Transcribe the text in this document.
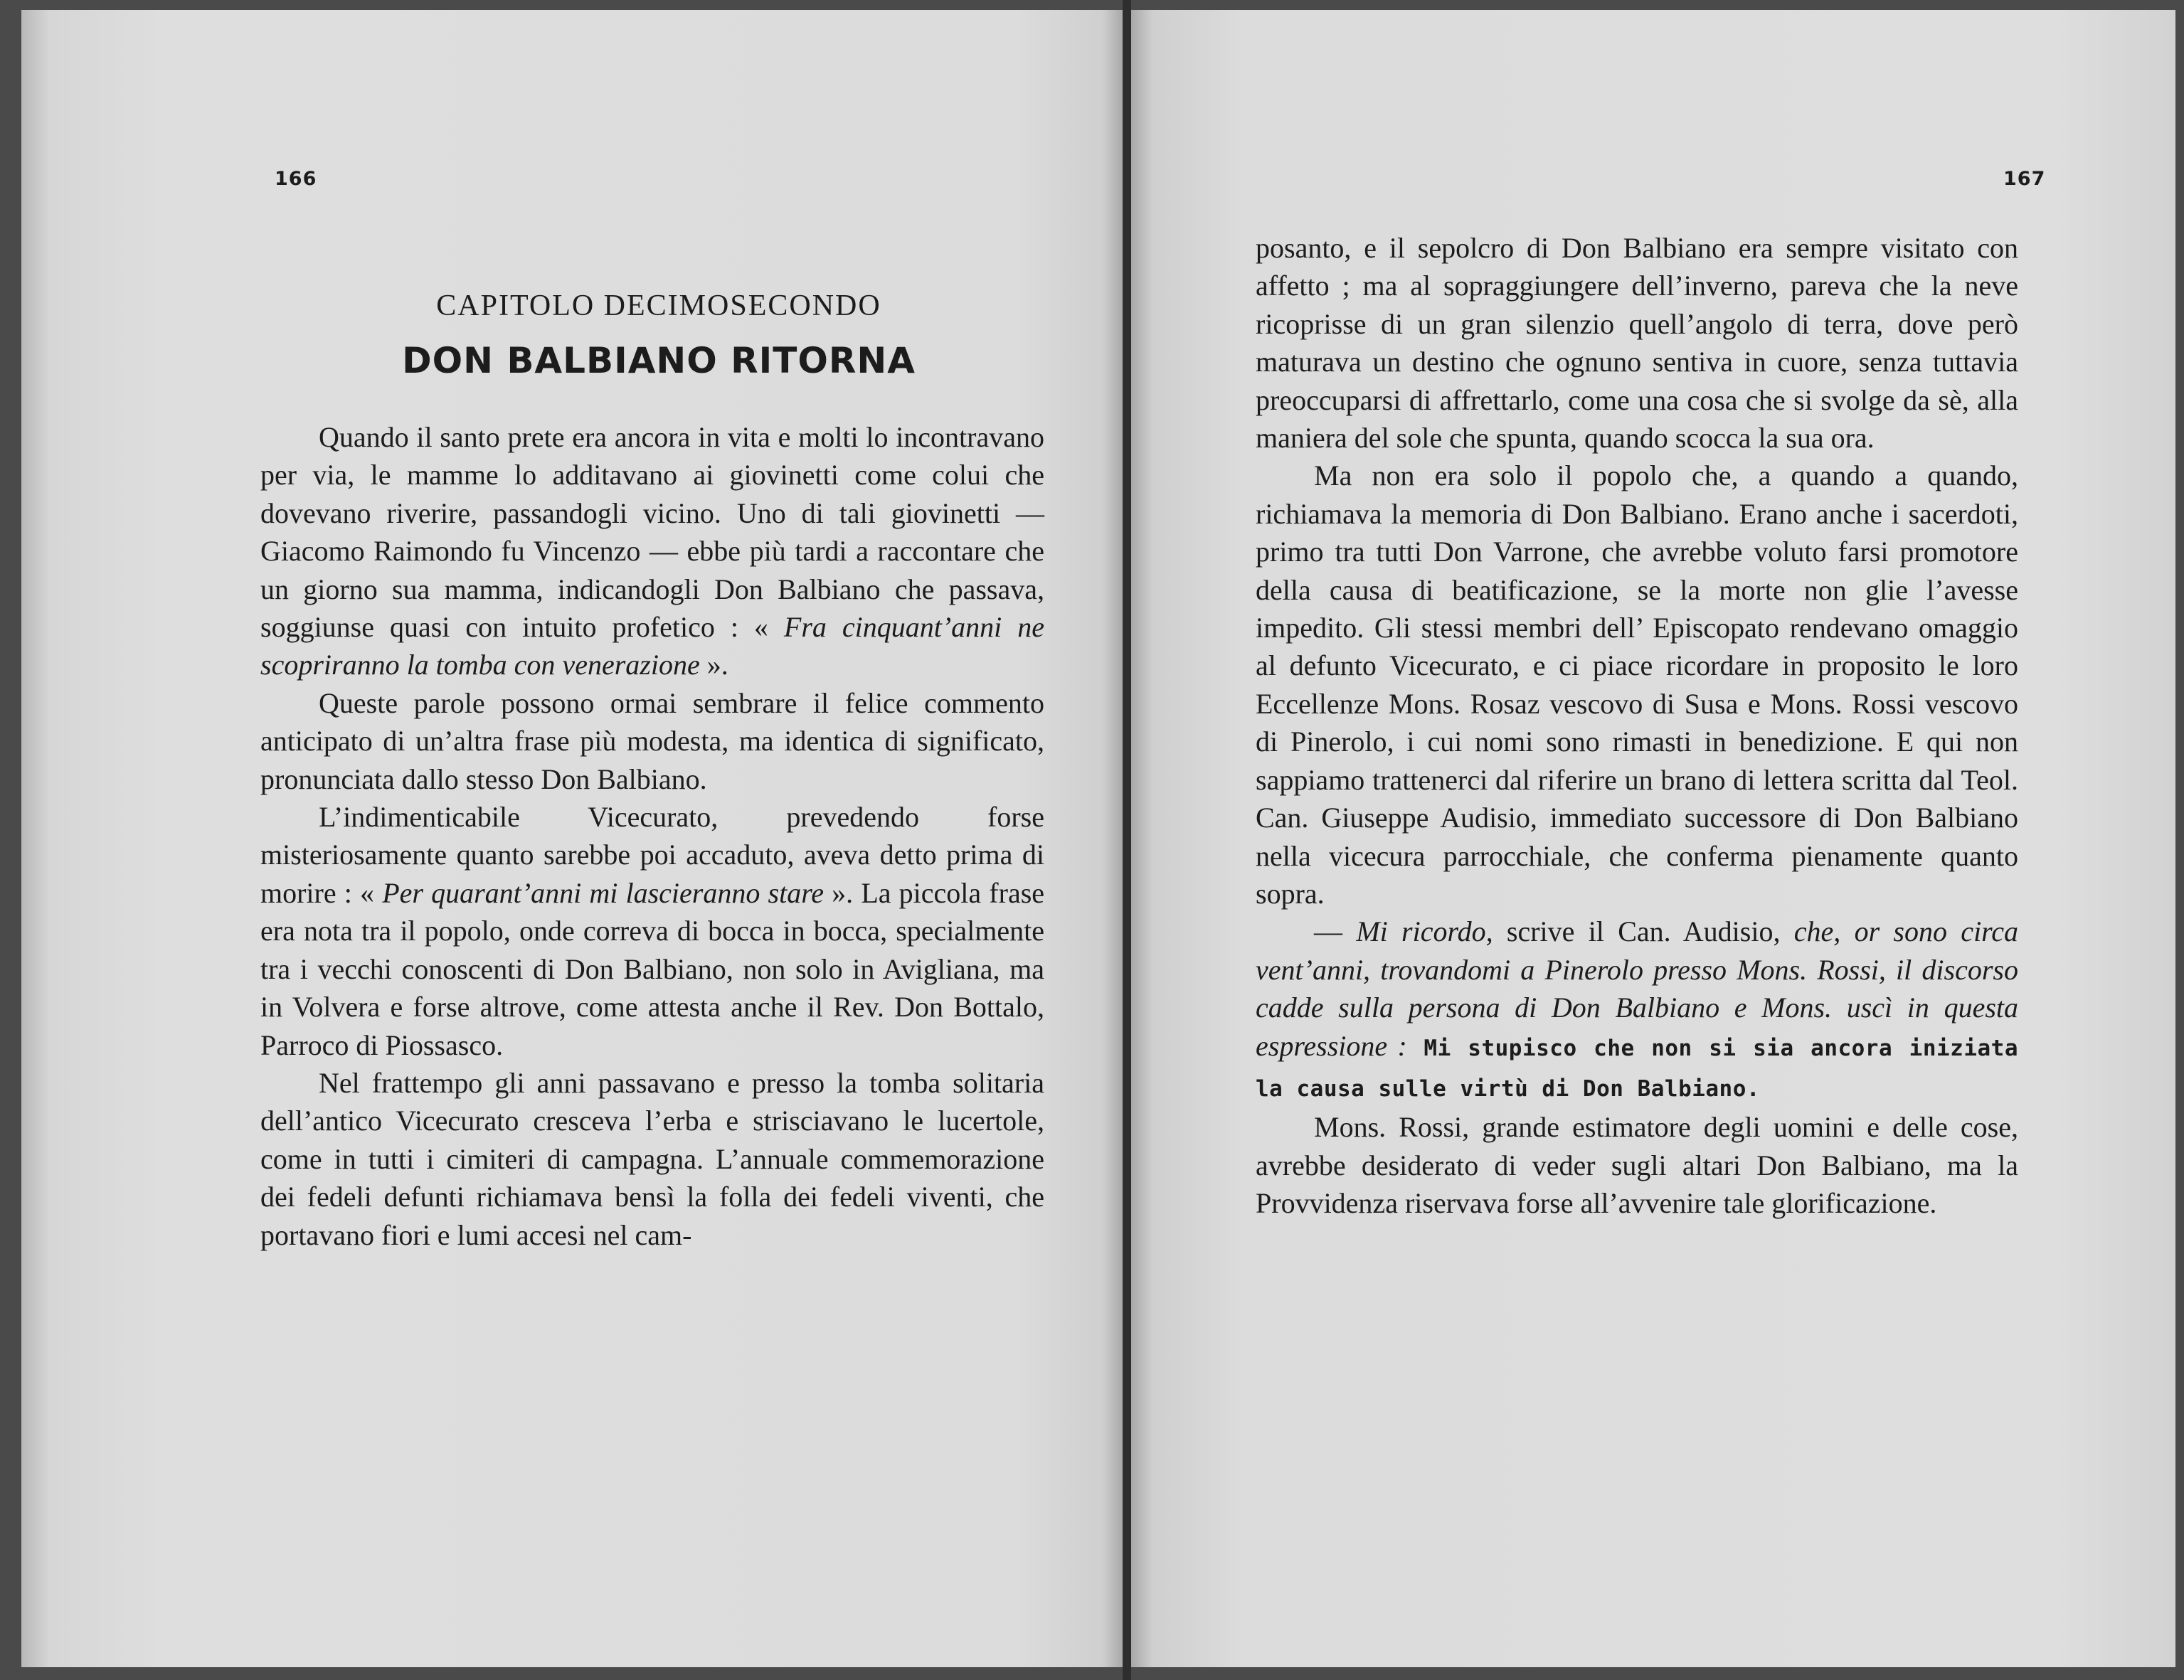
166
CAPITOLO DECIMOSECONDO
DON BALBIANO RITORNA

Quando il santo prete era ancora in vita e molti lo incontravano per via, le mamme lo additavano ai giovinetti come colui che dovevano riverire, passandogli vicino. Uno di tali giovinetti — Giacomo Raimondo fu Vincenzo — ebbe più tardi a raccontare che un giorno sua mamma, indicandogli Don Balbiano che passava, soggiunse quasi con intuito profetico : « Fra cinquant’anni ne scopriranno la tomba con venerazione ».

Queste parole possono ormai sembrare il felice commento anticipato di un’altra frase più modesta, ma identica di significato, pronunciata dallo stesso Don Balbiano.

L’indimenticabile Vicecurato, prevedendo forse misteriosamente quanto sarebbe poi accaduto, aveva detto prima di morire : « Per quarant’anni mi lascieranno stare ». La piccola frase era nota tra il popolo, onde correva di bocca in bocca, specialmente tra i vecchi conoscenti di Don Balbiano, non solo in Avigliana, ma in Volvera e forse altrove, come attesta anche il Rev. Don Bottalo, Parroco di Piossasco.

Nel frattempo gli anni passavano e presso la tomba solitaria dell’antico Vicecurato cresceva l’erba e strisciavano le lucertole, come in tutti i cimiteri di campagna. L’annuale commemorazione dei fedeli defunti richiamava bensì la folla dei fedeli viventi, che portavano fiori e lumi accesi nel cam-

167

posanto, e il sepolcro di Don Balbiano era sempre visitato con affetto ; ma al sopraggiungere dell’inverno, pareva che la neve ricoprisse di un gran silenzio quell’angolo di terra, dove però maturava un destino che ognuno sentiva in cuore, senza tuttavia preoccuparsi di affrettarlo, come una cosa che si svolge da sè, alla maniera del sole che spunta, quando scocca la sua ora.

Ma non era solo il popolo che, a quando a quando, richiamava la memoria di Don Balbiano. Erano anche i sacerdoti, primo tra tutti Don Varrone, che avrebbe voluto farsi promotore della causa di beatificazione, se la morte non glie l’avesse impedito. Gli stessi membri dell’ Episcopato rendevano omaggio al defunto Vicecurato, e ci piace ricordare in proposito le loro Eccellenze Mons. Rosaz vescovo di Susa e Mons. Rossi vescovo di Pinerolo, i cui nomi sono rimasti in benedizione. E qui non sappiamo trattenerci dal riferire un brano di lettera scritta dal Teol. Can. Giuseppe Audisio, immediato successore di Don Balbiano nella vicecura parrocchiale, che conferma pienamente quanto sopra.

— Mi ricordo, scrive il Can. Audisio, che, or sono circa vent’anni, trovandomi a Pinerolo presso Mons. Rossi, il discorso cadde sulla persona di Don Balbiano e Mons. uscì in questa espressione : Mi stupisco che non si sia ancora iniziata la causa sulle virtù di Don Balbiano.

Mons. Rossi, grande estimatore degli uomini e delle cose, avrebbe desiderato di veder sugli altari Don Balbiano, ma la Provvidenza riservava forse all’avvenire tale glorificazione.
